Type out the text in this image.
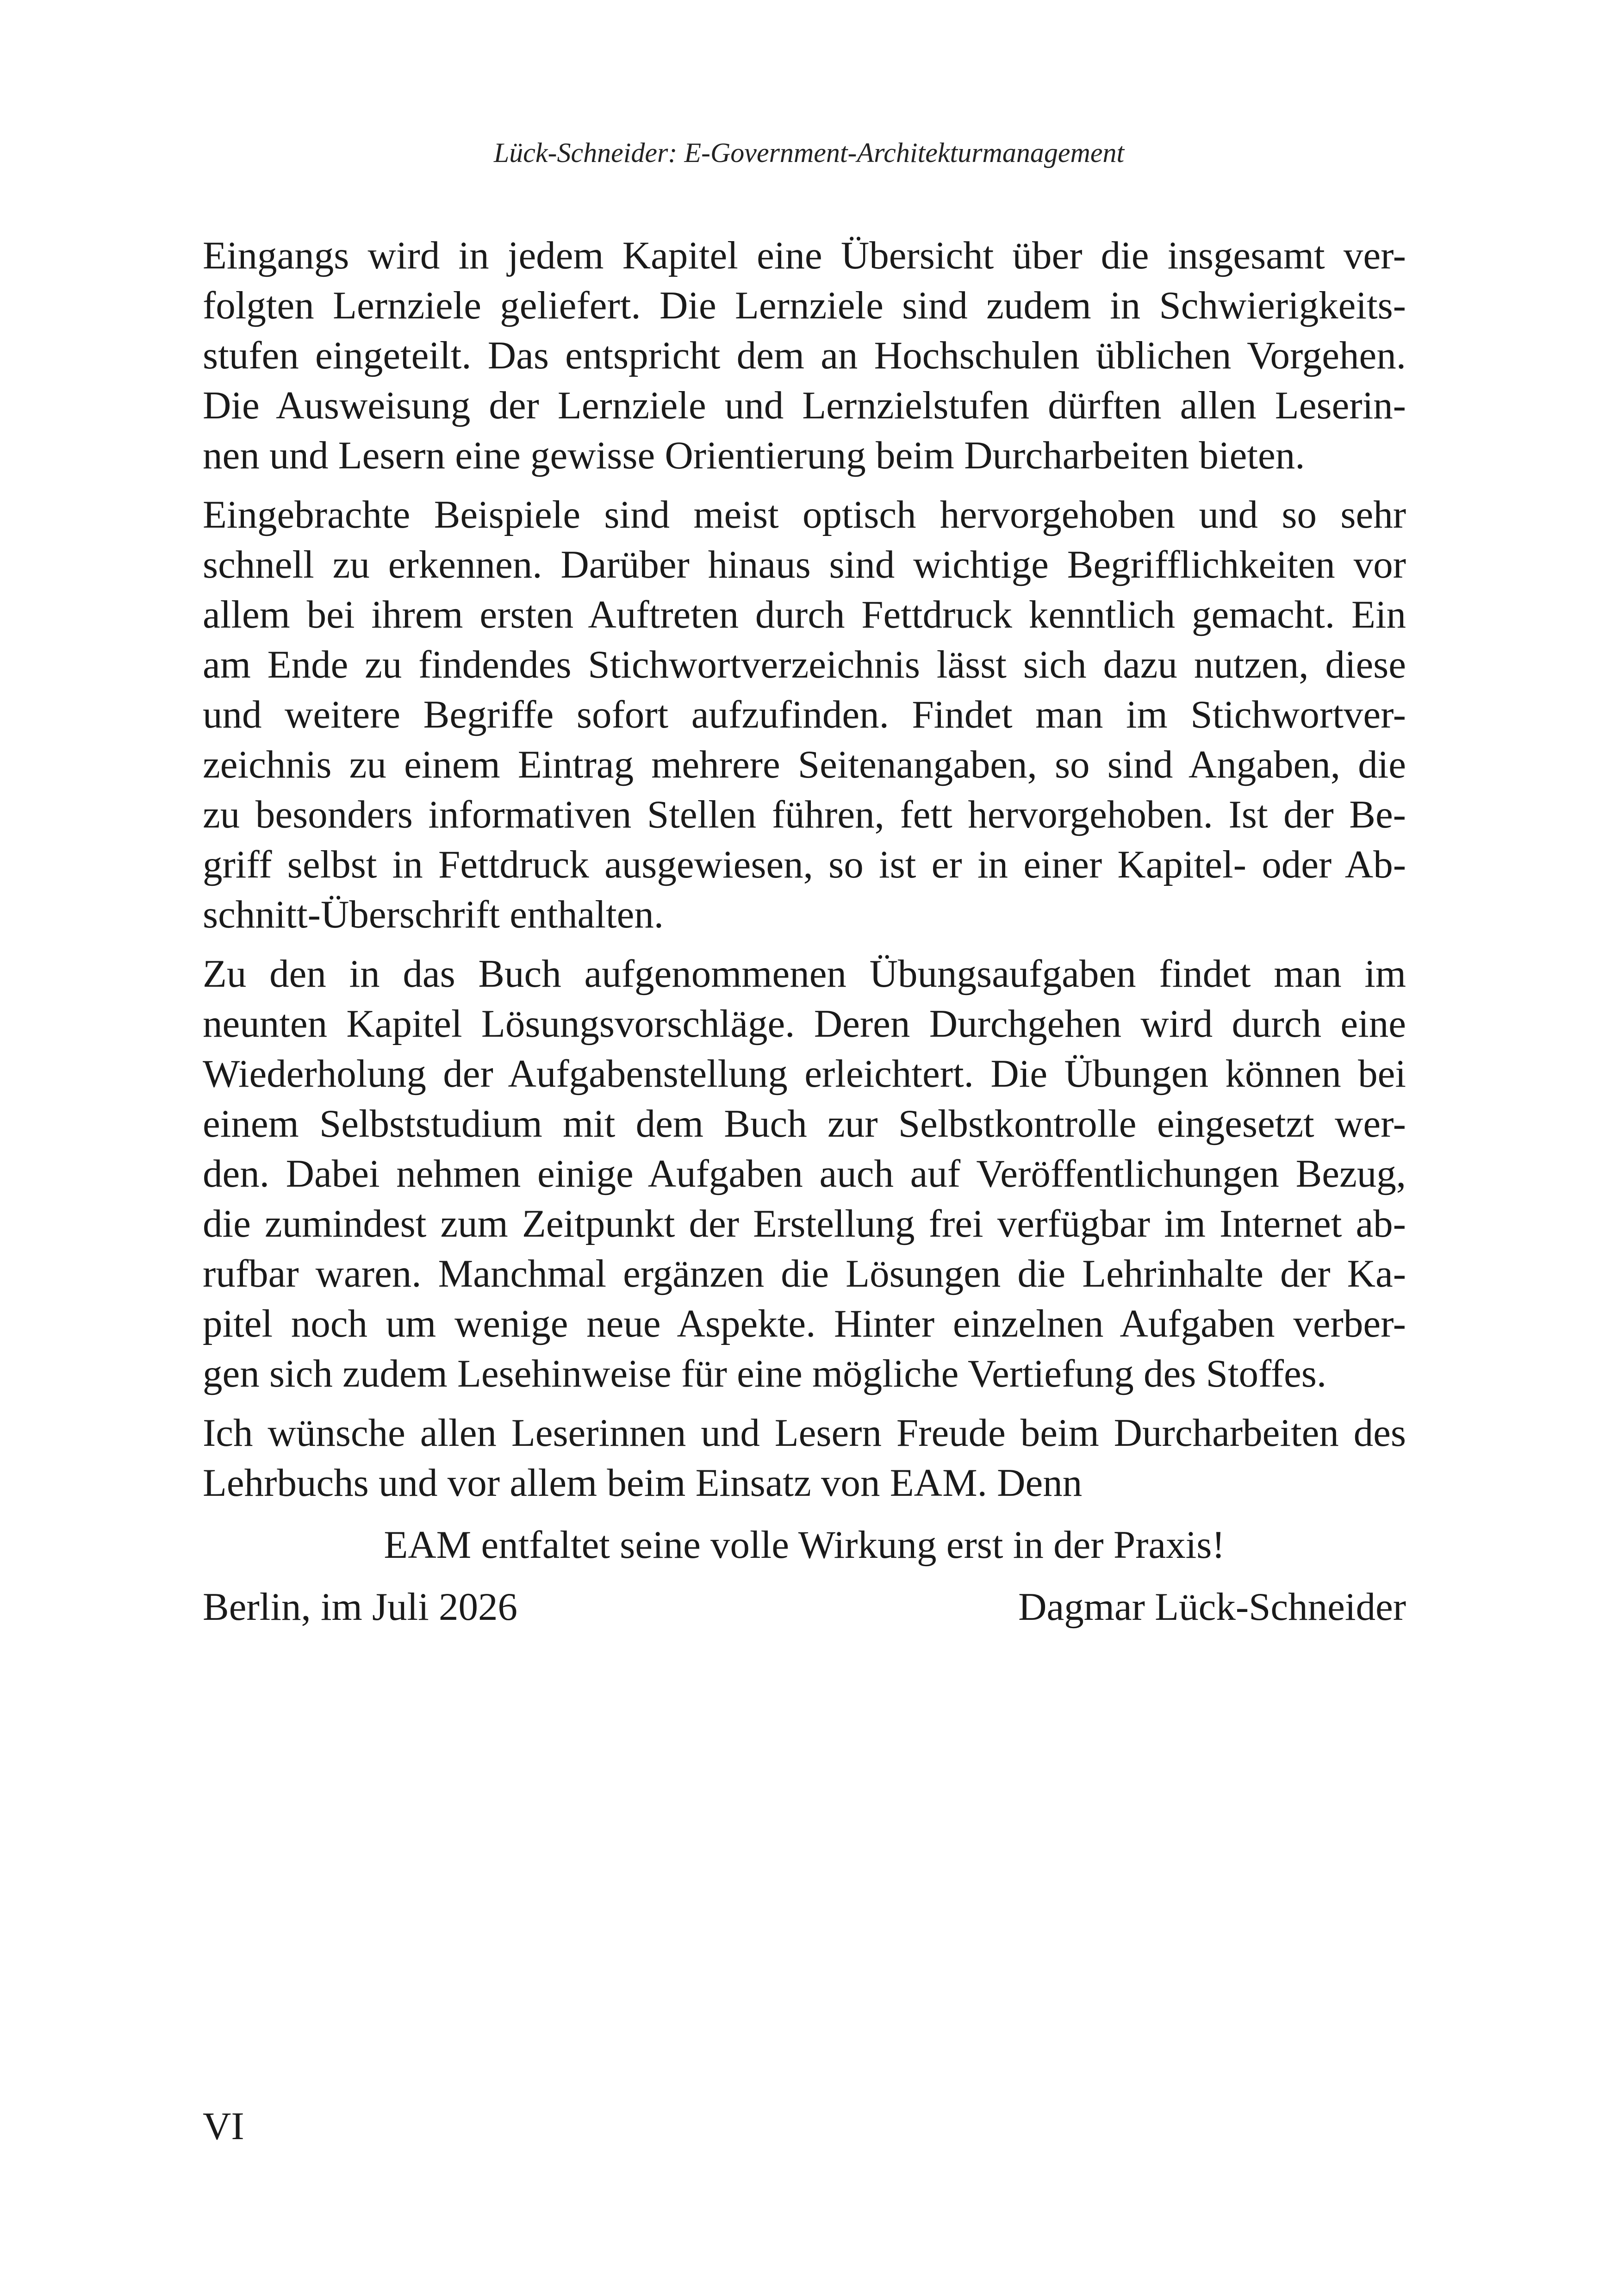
Lück-Schneider: E-Government-Architekturmanagement
Eingangs wird in jedem Kapitel eine Übersicht über die insgesamt ver-
folgten Lernziele geliefert. Die Lernziele sind zudem in Schwierigkeits-
stufen eingeteilt. Das entspricht dem an Hochschulen üblichen Vorgehen.
Die Ausweisung der Lernziele und Lernzielstufen dürften allen Leserin-
nen und Lesern eine gewisse Orientierung beim Durcharbeiten bieten.
Eingebrachte Beispiele sind meist optisch hervorgehoben und so sehr
schnell zu erkennen. Darüber hinaus sind wichtige Begrifflichkeiten vor
allem bei ihrem ersten Auftreten durch Fettdruck kenntlich gemacht. Ein
am Ende zu findendes Stichwortverzeichnis lässt sich dazu nutzen, diese
und weitere Begriffe sofort aufzufinden. Findet man im Stichwortver-
zeichnis zu einem Eintrag mehrere Seitenangaben, so sind Angaben, die
zu besonders informativen Stellen führen, fett hervorgehoben. Ist der Be-
griff selbst in Fettdruck ausgewiesen, so ist er in einer Kapitel- oder Ab-
schnitt-Überschrift enthalten.
Zu den in das Buch aufgenommenen Übungsaufgaben findet man im
neunten Kapitel Lösungsvorschläge. Deren Durchgehen wird durch eine
Wiederholung der Aufgabenstellung erleichtert. Die Übungen können bei
einem Selbststudium mit dem Buch zur Selbstkontrolle eingesetzt wer-
den. Dabei nehmen einige Aufgaben auch auf Veröffentlichungen Bezug,
die zumindest zum Zeitpunkt der Erstellung frei verfügbar im Internet ab-
rufbar waren. Manchmal ergänzen die Lösungen die Lehrinhalte der Ka-
pitel noch um wenige neue Aspekte. Hinter einzelnen Aufgaben verber-
gen sich zudem Lesehinweise für eine mögliche Vertiefung des Stoffes.
Ich wünsche allen Leserinnen und Lesern Freude beim Durcharbeiten des
Lehrbuchs und vor allem beim Einsatz von EAM. Denn
EAM entfaltet seine volle Wirkung erst in der Praxis!
Berlin, im Juli 2026	Dagmar Lück-Schneider
VI
